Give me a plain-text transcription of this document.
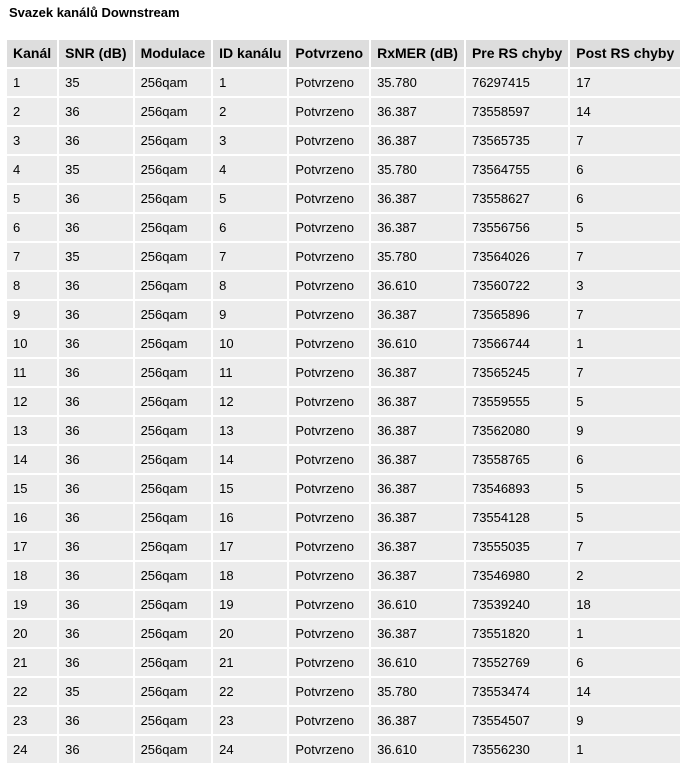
Svazek kanálů Downstream
Kanál	SNR (dB)	Modulace	ID kanálu	Potvrzeno	RxMER (dB)	Pre RS chyby	Post RS chyby
1	35	256qam	1	Potvrzeno	35.780	76297415	17
2	36	256qam	2	Potvrzeno	36.387	73558597	14
3	36	256qam	3	Potvrzeno	36.387	73565735	7
4	35	256qam	4	Potvrzeno	35.780	73564755	6
5	36	256qam	5	Potvrzeno	36.387	73558627	6
6	36	256qam	6	Potvrzeno	36.387	73556756	5
7	35	256qam	7	Potvrzeno	35.780	73564026	7
8	36	256qam	8	Potvrzeno	36.610	73560722	3
9	36	256qam	9	Potvrzeno	36.387	73565896	7
10	36	256qam	10	Potvrzeno	36.610	73566744	1
11	36	256qam	11	Potvrzeno	36.387	73565245	7
12	36	256qam	12	Potvrzeno	36.387	73559555	5
13	36	256qam	13	Potvrzeno	36.387	73562080	9
14	36	256qam	14	Potvrzeno	36.387	73558765	6
15	36	256qam	15	Potvrzeno	36.387	73546893	5
16	36	256qam	16	Potvrzeno	36.387	73554128	5
17	36	256qam	17	Potvrzeno	36.387	73555035	7
18	36	256qam	18	Potvrzeno	36.387	73546980	2
19	36	256qam	19	Potvrzeno	36.610	73539240	18
20	36	256qam	20	Potvrzeno	36.387	73551820	1
21	36	256qam	21	Potvrzeno	36.610	73552769	6
22	35	256qam	22	Potvrzeno	35.780	73553474	14
23	36	256qam	23	Potvrzeno	36.387	73554507	9
24	36	256qam	24	Potvrzeno	36.610	73556230	1
